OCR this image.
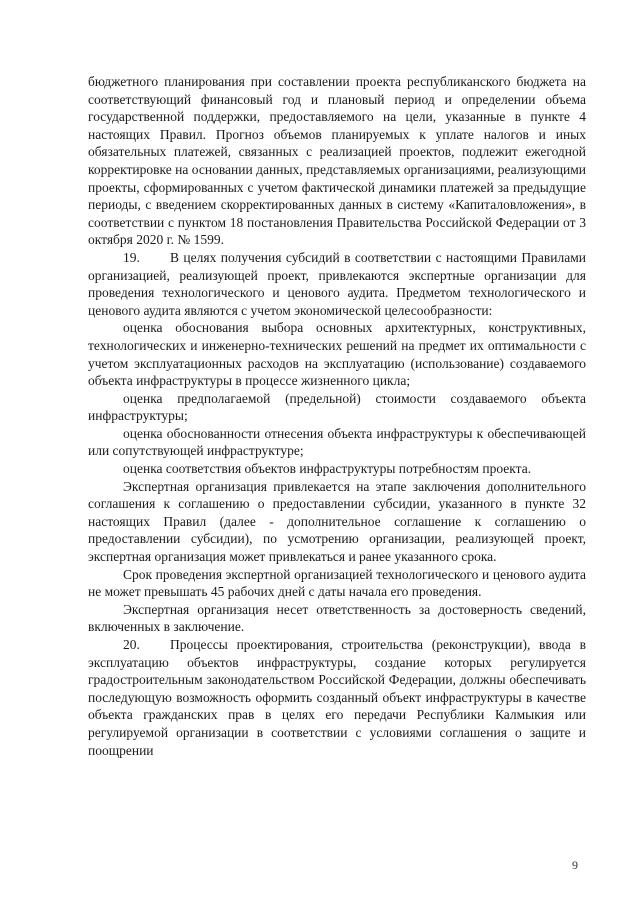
бюджетного планирования при составлении проекта республиканского бюджета на соответствующий финансовый год и плановый период и определении объема государственной поддержки, предоставляемого на цели, указанные в пункте 4 настоящих Правил. Прогноз объемов планируемых к уплате налогов и иных обязательных платежей, связанных с реализацией проектов, подлежит ежегодной корректировке на основании данных, представляемых организациями, реализующими проекты, сформированных с учетом фактической динамики платежей за предыдущие периоды, с введением скорректированных данных в систему «Капиталовложения», в соответствии с пунктом 18 постановления Правительства Российской Федерации от 3 октября 2020 г. № 1599.

19. В целях получения субсидий в соответствии с настоящими Правилами организацией, реализующей проект, привлекаются экспертные организации для проведения технологического и ценового аудита. Предметом технологического и ценового аудита являются с учетом экономической целесообразности:

оценка обоснования выбора основных архитектурных, конструктивных, технологических и инженерно-технических решений на предмет их оптимальности с учетом эксплуатационных расходов на эксплуатацию (использование) создаваемого объекта инфраструктуры в процессе жизненного цикла;

оценка предполагаемой (предельной) стоимости создаваемого объекта инфраструктуры;

оценка обоснованности отнесения объекта инфраструктуры к обеспечивающей или сопутствующей инфраструктуре;

оценка соответствия объектов инфраструктуры потребностям проекта.

Экспертная организация привлекается на этапе заключения дополнительного соглашения к соглашению о предоставлении субсидии, указанного в пункте 32 настоящих Правил (далее - дополнительное соглашение к соглашению о предоставлении субсидии), по усмотрению организации, реализующей проект, экспертная организация может привлекаться и ранее указанного срока.

Срок проведения экспертной организацией технологического и ценового аудита не может превышать 45 рабочих дней с даты начала его проведения.

Экспертная организация несет ответственность за достоверность сведений, включенных в заключение.

20. Процессы проектирования, строительства (реконструкции), ввода в эксплуатацию объектов инфраструктуры, создание которых регулируется градостроительным законодательством Российской Федерации, должны обеспечивать последующую возможность оформить созданный объект инфраструктуры в качестве объекта гражданских прав в целях его передачи Республики Калмыкия или регулируемой организации в соответствии с условиями соглашения о защите и поощрении

9
